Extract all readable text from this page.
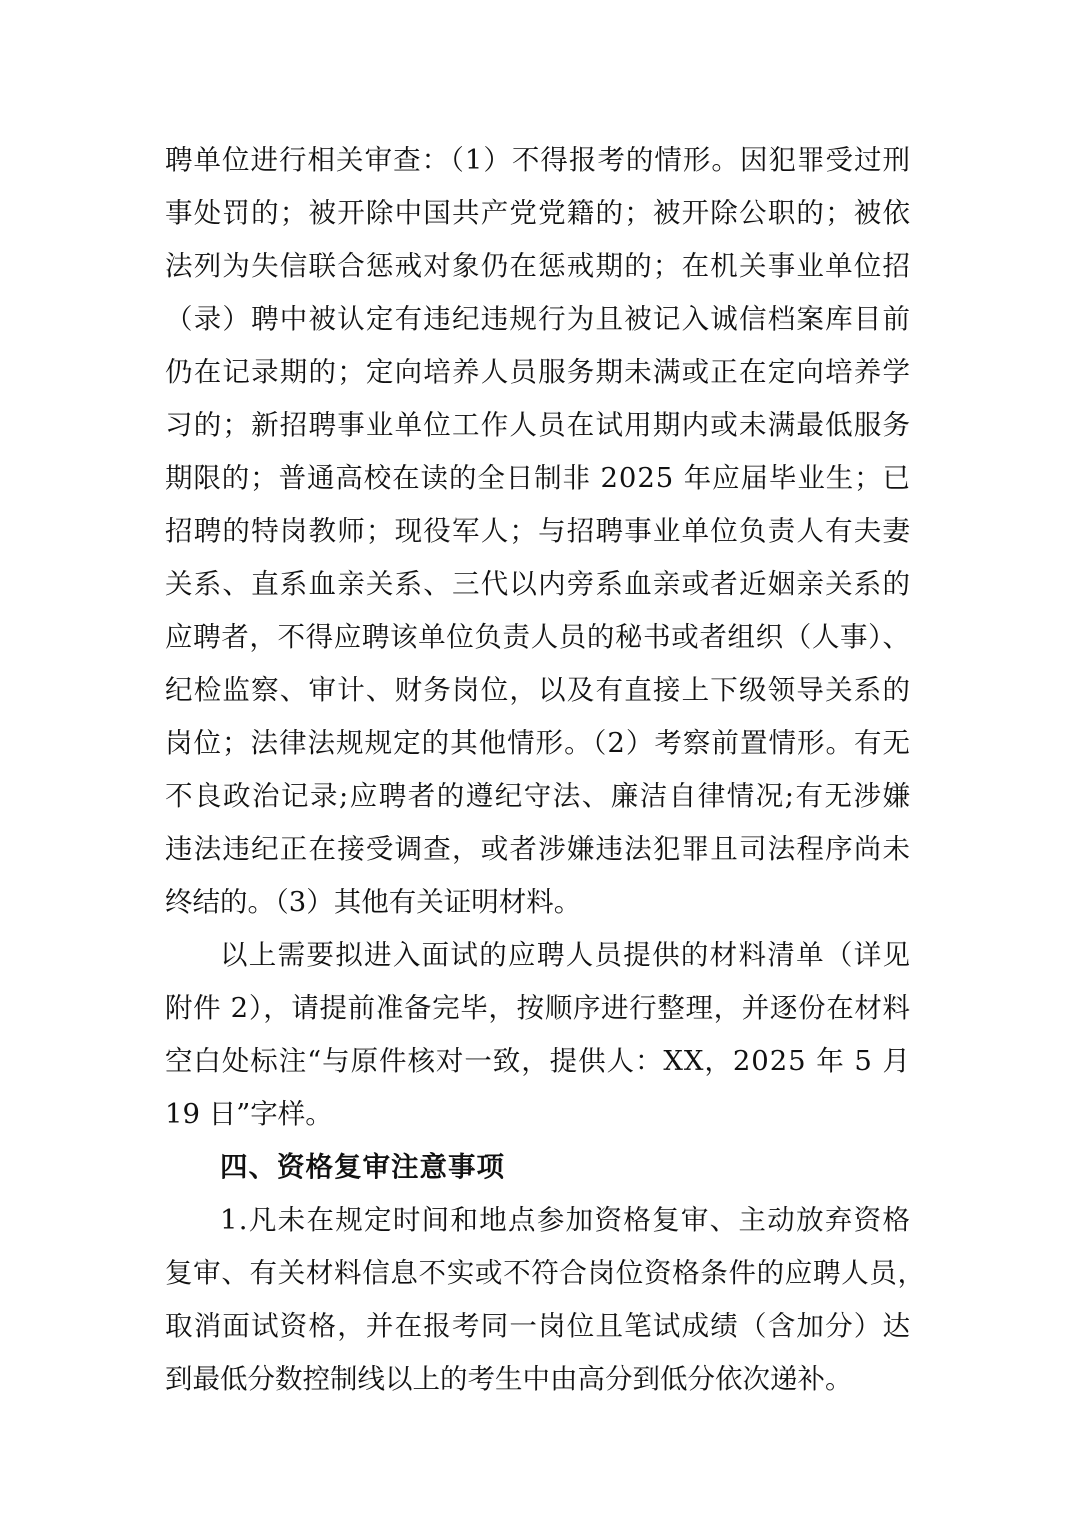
聘单位进行相关审查：（1）不得报考的情形。因犯罪受过刑
事处罚的；被开除中国共产党党籍的；被开除公职的；被依
法列为失信联合惩戒对象仍在惩戒期的；在机关事业单位招
（录）聘中被认定有违纪违规行为且被记入诚信档案库目前
仍在记录期的；定向培养人员服务期未满或正在定向培养学
习的；新招聘事业单位工作人员在试用期内或未满最低服务
期限的；普通高校在读的全日制非 2025 年应届毕业生；已
招聘的特岗教师；现役军人；与招聘事业单位负责人有夫妻
关系、直系血亲关系、三代以内旁系血亲或者近姻亲关系的
应聘者，不得应聘该单位负责人员的秘书或者组织（人事）、
纪检监察、审计、财务岗位，以及有直接上下级领导关系的
岗位；法律法规规定的其他情形。（2）考察前置情形。有无
不良政治记录;应聘者的遵纪守法、廉洁自律情况;有无涉嫌
违法违纪正在接受调查，或者涉嫌违法犯罪且司法程序尚未
终结的。（3）其他有关证明材料。
以上需要拟进入面试的应聘人员提供的材料清单（详见
附件 2），请提前准备完毕，按顺序进行整理，并逐份在材料
空白处标注“与原件核对一致，提供人：XX，2025 年 5 月
19 日”字样。
四、资格复审注意事项
1.凡未在规定时间和地点参加资格复审、主动放弃资格
复审、有关材料信息不实或不符合岗位资格条件的应聘人员，
取消面试资格，并在报考同一岗位且笔试成绩（含加分）达
到最低分数控制线以上的考生中由高分到低分依次递补。
